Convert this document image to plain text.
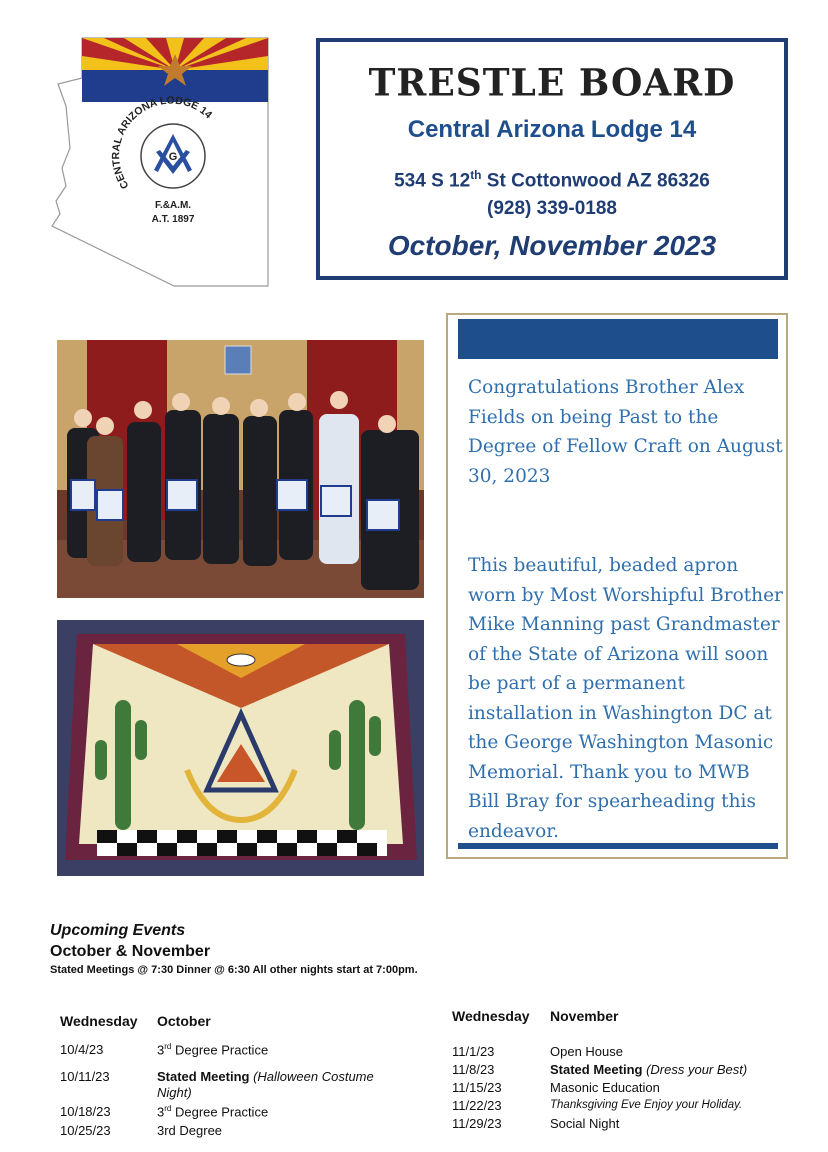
CENTRAL ARIZONA LODGE 14
G
F.&A.M.
A.T. 1897
TRESTLE BOARD
Central Arizona Lodge 14
534 S 12th St Cottonwood AZ 86326
(928) 339-0188
October, November 2023
Congratulations Brother Alex Fields on being Past to the Degree of Fellow Craft on August 30, 2023
This beautiful, beaded apron worn by Most Worshipful Brother Mike Manning past Grandmaster of the State of Arizona will soon be part of a permanent installation in Washington DC at the George Washington Masonic Memorial. Thank you to MWB Bill Bray for spearheading this endeavor.
Upcoming Events
October & November
Stated Meetings @ 7:30 Dinner @ 6:30 All other nights start at 7:00pm.
Wednesday October
10/4/23	3rd Degree Practice
10/11/23	Stated Meeting (Halloween Costume Night)
10/18/23	3rd Degree Practice
10/25/23	3rd Degree
Wednesday November
11/1/23	Open House
11/8/23	Stated Meeting (Dress your Best)
11/15/23	Masonic Education
11/22/23	Thanksgiving Eve Enjoy your Holiday.
11/29/23	Social Night
